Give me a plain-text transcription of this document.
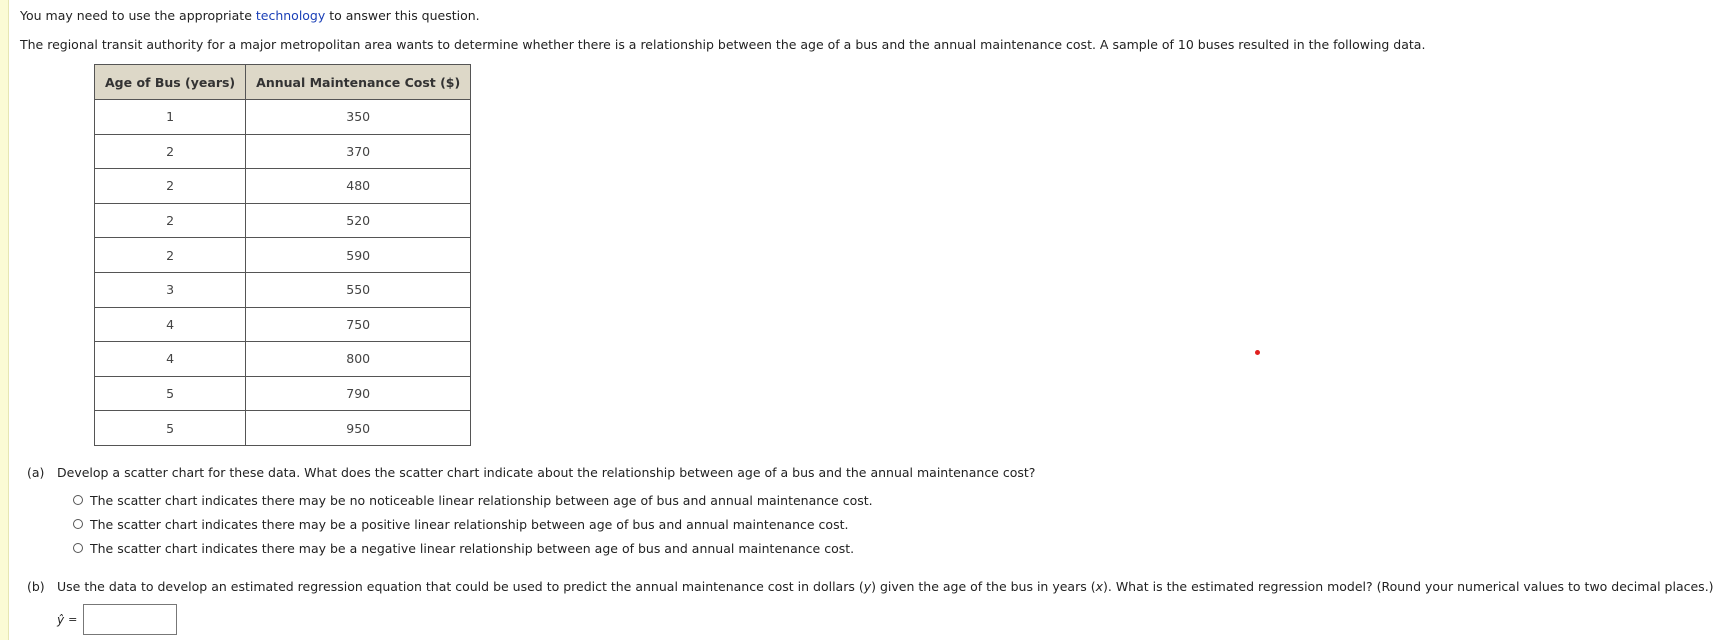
You may need to use the appropriate technology to answer this question.
The regional transit authority for a major metropolitan area wants to determine whether there is a relationship between the age of a bus and the annual maintenance cost. A sample of 10 buses resulted in the following data.
Age of Bus (years)	Annual Maintenance Cost ($)
1	350
2	370
2	480
2	520
2	590
3	550
4	750
4	800
5	790
5	950
(a) Develop a scatter chart for these data. What does the scatter chart indicate about the relationship between age of a bus and the annual maintenance cost?
The scatter chart indicates there may be no noticeable linear relationship between age of bus and annual maintenance cost.
The scatter chart indicates there may be a positive linear relationship between age of bus and annual maintenance cost.
The scatter chart indicates there may be a negative linear relationship between age of bus and annual maintenance cost.
(b) Use the data to develop an estimated regression equation that could be used to predict the annual maintenance cost in dollars (y) given the age of the bus in years (x). What is the estimated regression model? (Round your numerical values to two decimal places.)
ŷ =
